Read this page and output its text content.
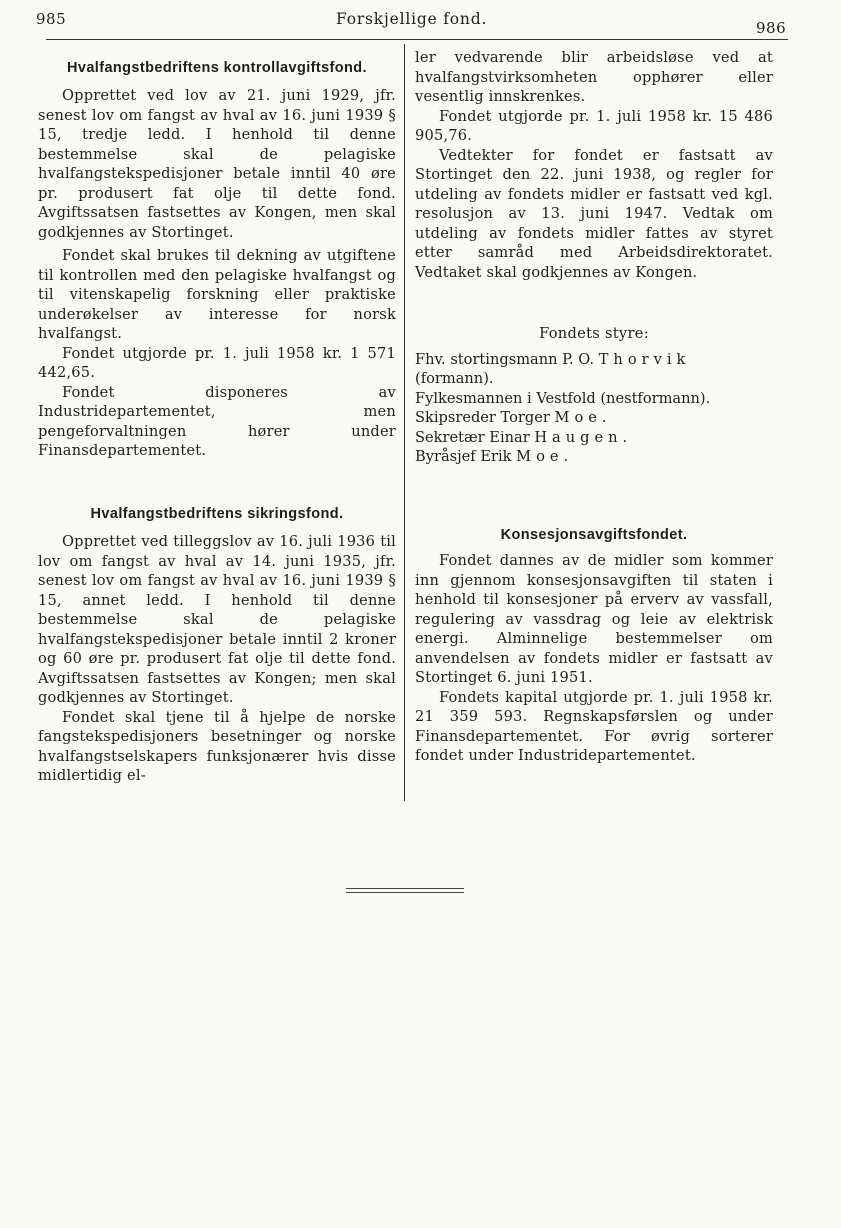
985	Forskjellige fond.	986
Hvalfangstbedriftens kontrollavgiftsfond.

Opprettet ved lov av 21. juni 1929, jfr. senest lov om fangst av hval av 16. juni 1939 § 15, tredje ledd. I henhold til denne bestemmelse skal de pelagiske hvalfangstekspedisjoner betale inntil 40 øre pr. produsert fat olje til dette fond. Avgiftssatsen fastsettes av Kongen, men skal godkjennes av Stortinget.

Fondet skal brukes til dekning av utgiftene til kontrollen med den pelagiske hvalfangst og til vitenskapelig forskning eller praktiske underøkelser av interesse for norsk hvalfangst.

Fondet utgjorde pr. 1. juli 1958 kr. 1 571 442,65.

Fondet disponeres av Industridepartementet, men pengeforvaltningen hører under Finansdepartementet.

Hvalfangstbedriftens sikringsfond.

Opprettet ved tilleggslov av 16. juli 1936 til lov om fangst av hval av 14. juni 1935, jfr. senest lov om fangst av hval av 16. juni 1939 § 15, annet ledd. I henhold til denne bestemmelse skal de pelagiske hvalfangstekspedisjoner betale inntil 2 kroner og 60 øre pr. produsert fat olje til dette fond. Avgiftssatsen fastsettes av Kongen; men skal godkjennes av Stortinget.

Fondet skal tjene til å hjelpe de norske fangstekspedisjoners besetninger og norske hvalfangstselskapers funksjonærer hvis disse midlertidig el-

ler vedvarende blir arbeidsløse ved at hvalfangstvirksomheten opphører eller vesentlig innskrenkes.

Fondet utgjorde pr. 1. juli 1958 kr. 15 486 905,76.

Vedtekter for fondet er fastsatt av Stortinget den 22. juni 1938, og regler for utdeling av fondets midler er fastsatt ved kgl. resolusjon av 13. juni 1947. Vedtak om utdeling av fondets midler fattes av styret etter samråd med Arbeidsdirektoratet. Vedtaket skal godkjennes av Kongen.

Fondets styre:

Fhv. stortingsmann P. O. Thorvik

(formann).

Fylkesmannen i Vestfold (nestformann).

Skipsreder Torger Moe.

Sekretær Einar Haugen.

Byråsjef Erik Moe.

Konsesjonsavgiftsfondet.

Fondet dannes av de midler som kommer inn gjennom konsesjonsavgiften til staten i henhold til konsesjoner på erverv av vassfall, regulering av vassdrag og leie av elektrisk energi. Alminnelige bestemmelser om anvendelsen av fondets midler er fastsatt av Stortinget 6. juni 1951.

Fondets kapital utgjorde pr. 1. juli 1958 kr. 21 359 593. Regnskapsførslen og under Finansdepartementet. For øvrig sorterer fondet under Industridepartementet.
